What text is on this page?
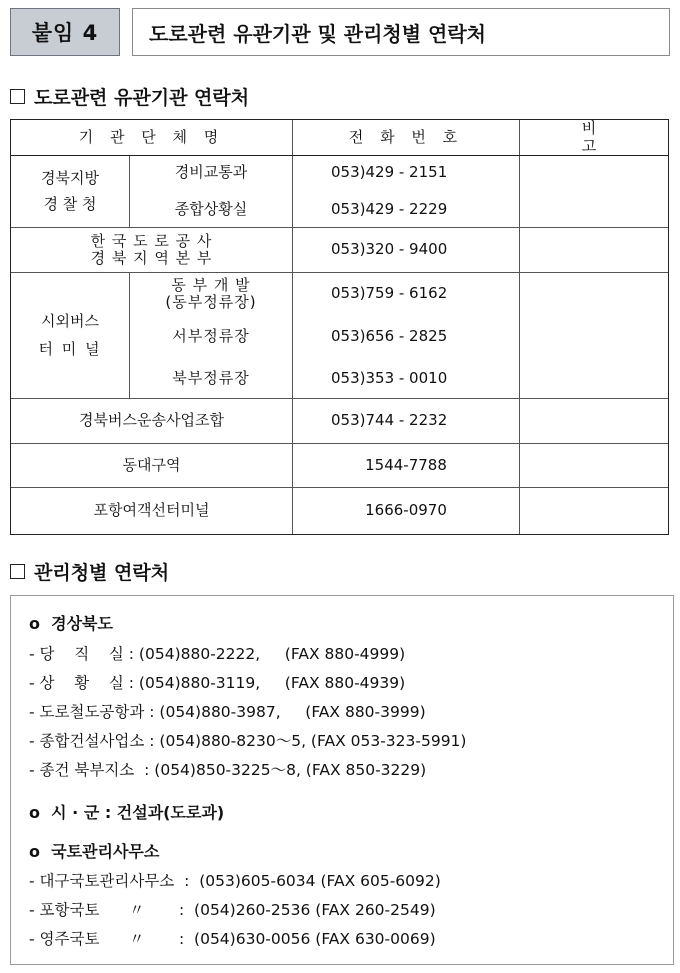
붙임 4	도로관련 유관기관 및 관리청별 연락처
도로관련 유관기관 연락처
기 관 단 체 명	전 화 번 호	비 고
경북지방
경 찰 청
경비교통과	053)429 - 2151
종합상황실	053)429 - 2229
한 국 도 로 공 사
경 북 지 역 본 부	053)320 - 9400
시외버스
터 미 널
동 부 개 발
(동부정류장)	053)759 - 6162
서부정류장	053)656 - 2825
북부정류장	053)353 - 0010
경북버스운송사업조합	053)744 - 2232
동대구역	1544-7788
포항여객선터미널	1666-0970
관리청별 연락처
o 경상북도
- 당    직    실 : (054)880-2222,     (FAX 880-4999)
- 상    황    실 : (054)880-3119,     (FAX 880-4939)
- 도로철도공항과 : (054)880-3987,     (FAX 880-3999)
- 종합건설사업소 : (054)880-8230～5, (FAX 053-323-5991)
- 종건 북부지소  : (054)850-3225～8, (FAX 850-3229)
o 시 · 군 : 건설과(도로과)
o 국토관리사무소
- 대구국토관리사무소  :  (053)605-6034 (FAX 605-6092)
- 포항국토      〃       :  (054)260-2536 (FAX 260-2549)
- 영주국토      〃       :  (054)630-0056 (FAX 630-0069)
